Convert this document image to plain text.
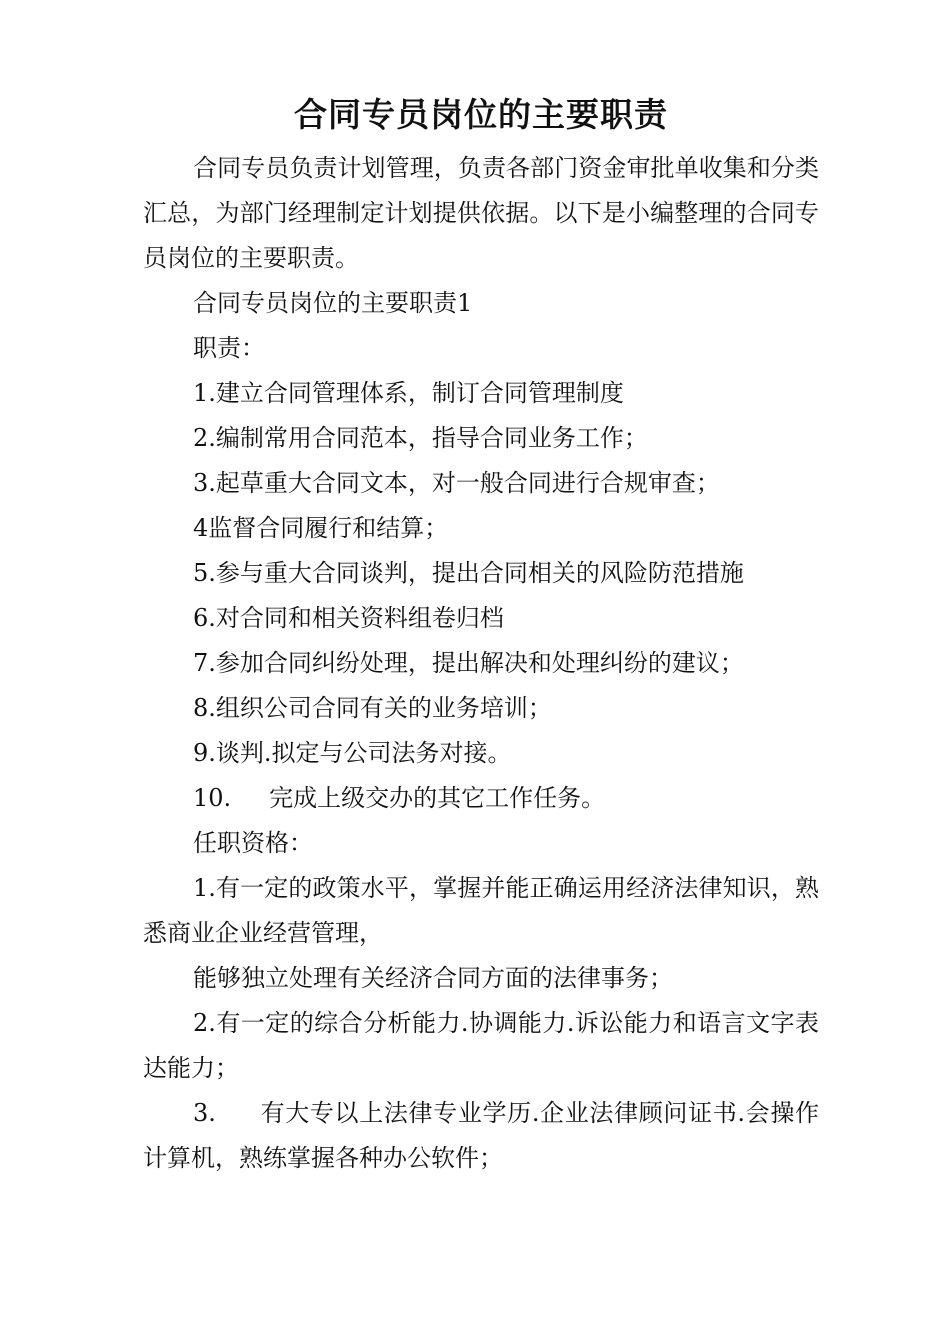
合同专员岗位的主要职责

合同专员负责计划管理，负责各部门资金审批单收集和分类汇总，为部门经理制定计划提供依据。以下是小编整理的合同专员岗位的主要职责。

合同专员岗位的主要职责1

职责：

1.建立合同管理体系，制订合同管理制度

2.编制常用合同范本，指导合同业务工作；

3.起草重大合同文本，对一般合同进行合规审查；

4监督合同履行和结算；

5.参与重大合同谈判，提出合同相关的风险防范措施

6.对合同和相关资料组卷归档

7.参加合同纠纷处理，提出解决和处理纠纷的建议；

8.组织公司合同有关的业务培训；

9.谈判.拟定与公司法务对接。

10. 完成上级交办的其它工作任务。

任职资格：

1.有一定的政策水平，掌握并能正确运用经济法律知识，熟悉商业企业经营管理，

能够独立处理有关经济合同方面的法律事务；

2.有一定的综合分析能力.协调能力.诉讼能力和语言文字表达能力；

3. 有大专以上法律专业学历.企业法律顾问证书.会操作计算机，熟练掌握各种办公软件；
